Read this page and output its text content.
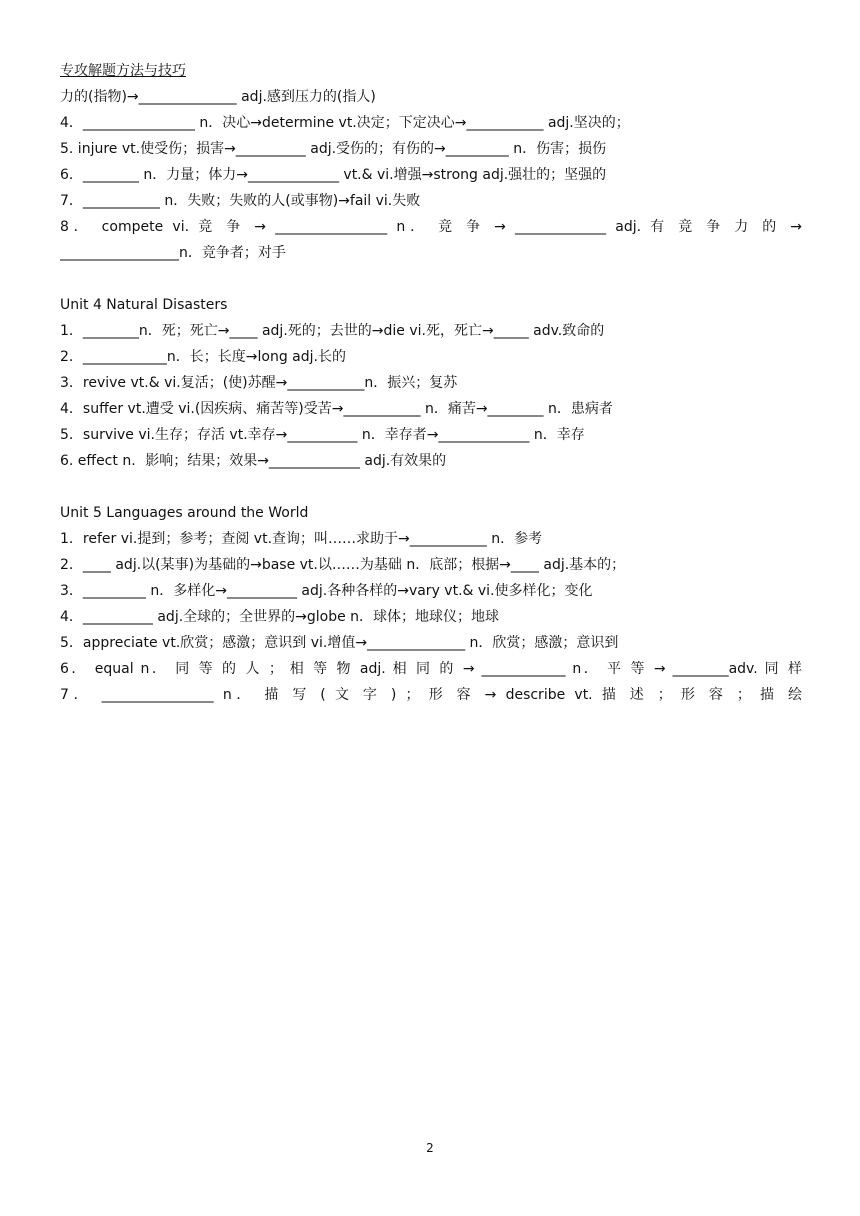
专攻解题方法与技巧
力的(指物)→______________ adj.感到压力的(指人)
4．________________ n．决心→determine vt.决定；下定决心→___________ adj.坚决的；
5. injure vt.使受伤；损害→__________ adj.受伤的；有伤的→_________ n．伤害；损伤
6．________ n．力量；体力→_____________ vt.& vi.增强→strong adj.强壮的；坚强的
7．___________ n．失败；失败的人(或事物)→fail vi.失败
8． compete vi. 竞 争 → ________________ n． 竞 争 → _____________ adj. 有 竞 争 力 的 →
_________________n．竞争者；对手
Unit 4 Natural Disasters
1．________n．死；死亡→____ adj.死的；去世的→die vi.死，死亡→_____ adv.致命的
2．____________n．长；长度→long adj.长的
3．revive vt.& vi.复活；(使)苏醒→___________n．振兴；复苏
4．suffer vt.遭受 vi.(因疾病、痛苦等)受苦→___________ n．痛苦→________ n．患病者
5．survive vi.生存；存活 vt.幸存→__________ n．幸存者→_____________ n．幸存
6. effect n．影响；结果；效果→_____________ adj.有效果的
Unit 5 Languages around the World
1．refer vi.提到；参考；查阅 vt.查询；叫……求助于→___________ n．参考
2．____ adj.以(某事)为基础的→base vt.以……为基础 n．底部；根据→____ adj.基本的；
3．_________ n．多样化→__________ adj.各种各样的→vary vt.& vi.使多样化；变化
4．__________ adj.全球的；全世界的→globe n．球体；地球仪；地球
5．appreciate vt.欣赏；感激；意识到 vi.增值→______________ n．欣赏；感激；意识到
6． equal n． 同 等 的 人 ； 相 等 物 adj. 相 同 的 → ____________ n． 平 等 → ________adv. 同 样
7． ________________ n． 描 写 ( 文 字 ) ； 形 容 → describe vt. 描 述 ； 形 容 ； 描 绘
2
